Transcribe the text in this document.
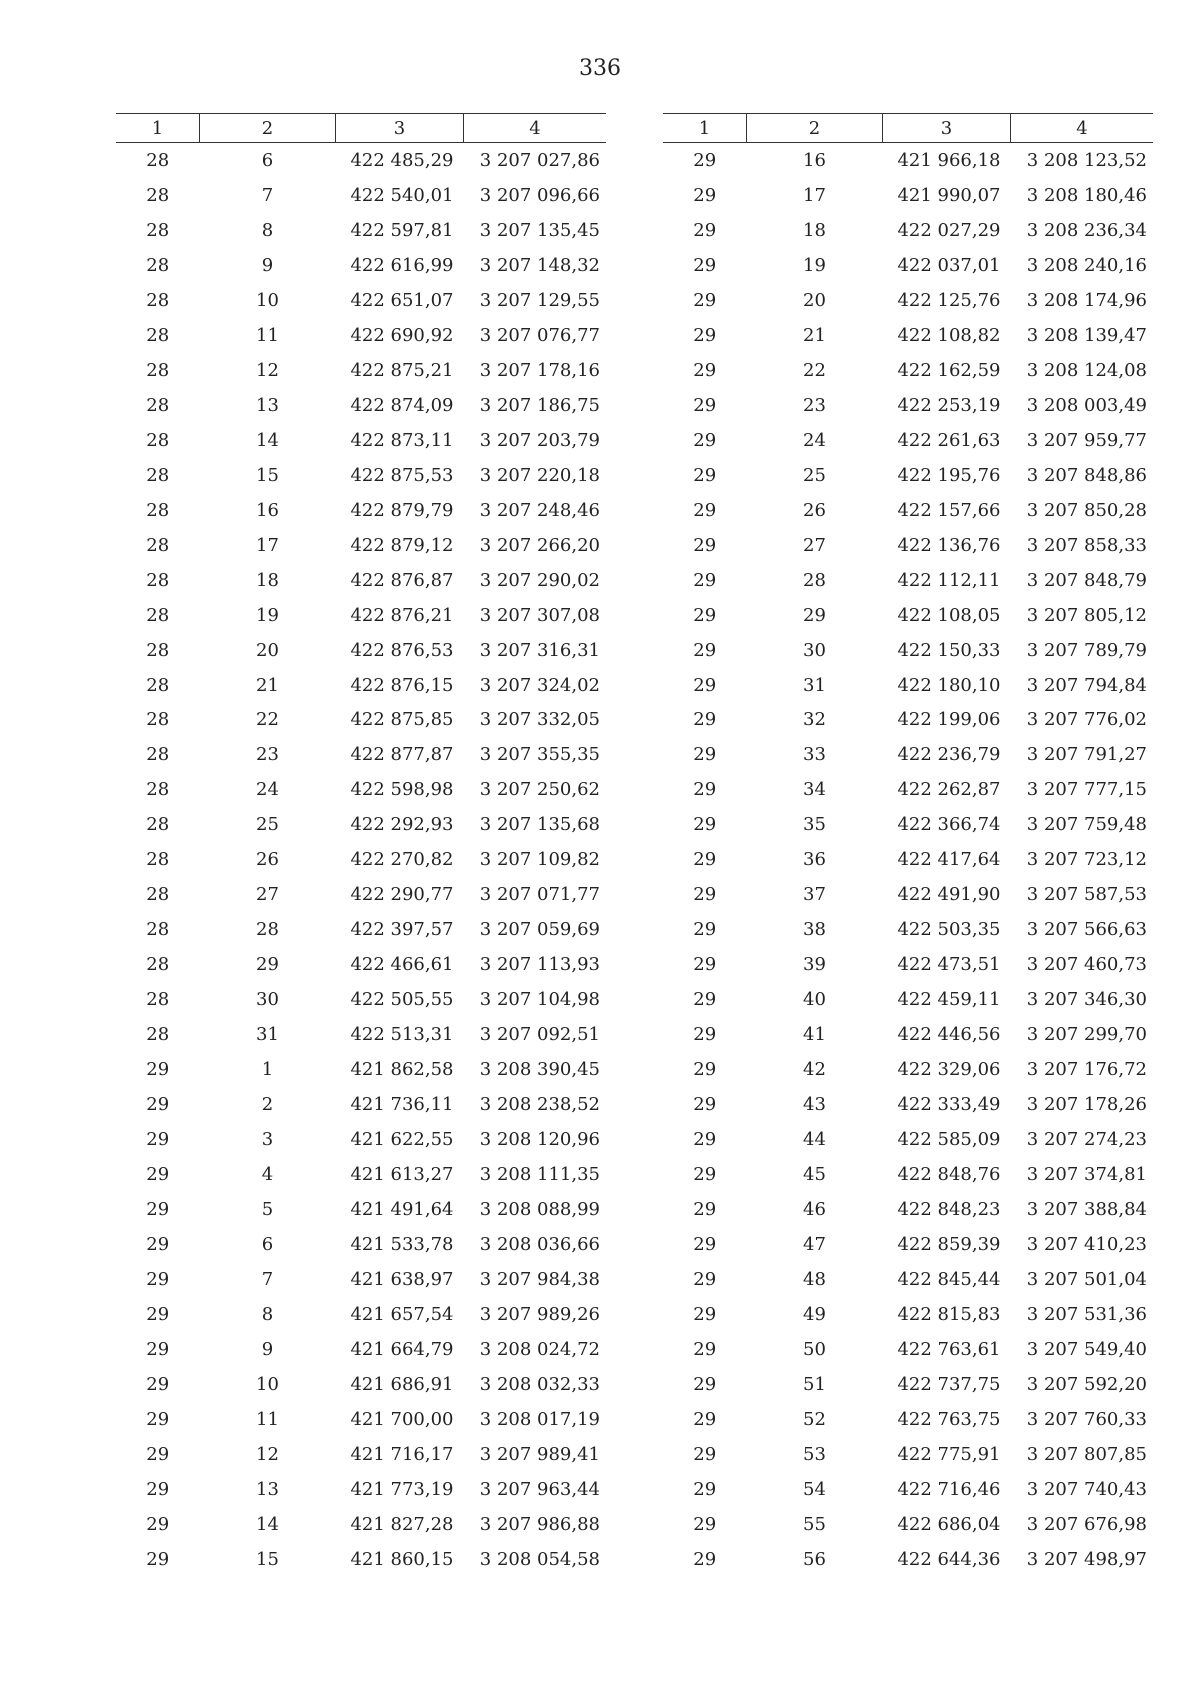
336
1	2	3	4
28	6	422 485,29	3 207 027,86
28	7	422 540,01	3 207 096,66
28	8	422 597,81	3 207 135,45
28	9	422 616,99	3 207 148,32
28	10	422 651,07	3 207 129,55
28	11	422 690,92	3 207 076,77
28	12	422 875,21	3 207 178,16
28	13	422 874,09	3 207 186,75
28	14	422 873,11	3 207 203,79
28	15	422 875,53	3 207 220,18
28	16	422 879,79	3 207 248,46
28	17	422 879,12	3 207 266,20
28	18	422 876,87	3 207 290,02
28	19	422 876,21	3 207 307,08
28	20	422 876,53	3 207 316,31
28	21	422 876,15	3 207 324,02
28	22	422 875,85	3 207 332,05
28	23	422 877,87	3 207 355,35
28	24	422 598,98	3 207 250,62
28	25	422 292,93	3 207 135,68
28	26	422 270,82	3 207 109,82
28	27	422 290,77	3 207 071,77
28	28	422 397,57	3 207 059,69
28	29	422 466,61	3 207 113,93
28	30	422 505,55	3 207 104,98
28	31	422 513,31	3 207 092,51
29	1	421 862,58	3 208 390,45
29	2	421 736,11	3 208 238,52
29	3	421 622,55	3 208 120,96
29	4	421 613,27	3 208 111,35
29	5	421 491,64	3 208 088,99
29	6	421 533,78	3 208 036,66
29	7	421 638,97	3 207 984,38
29	8	421 657,54	3 207 989,26
29	9	421 664,79	3 208 024,72
29	10	421 686,91	3 208 032,33
29	11	421 700,00	3 208 017,19
29	12	421 716,17	3 207 989,41
29	13	421 773,19	3 207 963,44
29	14	421 827,28	3 207 986,88
29	15	421 860,15	3 208 054,58
1	2	3	4
29	16	421 966,18	3 208 123,52
29	17	421 990,07	3 208 180,46
29	18	422 027,29	3 208 236,34
29	19	422 037,01	3 208 240,16
29	20	422 125,76	3 208 174,96
29	21	422 108,82	3 208 139,47
29	22	422 162,59	3 208 124,08
29	23	422 253,19	3 208 003,49
29	24	422 261,63	3 207 959,77
29	25	422 195,76	3 207 848,86
29	26	422 157,66	3 207 850,28
29	27	422 136,76	3 207 858,33
29	28	422 112,11	3 207 848,79
29	29	422 108,05	3 207 805,12
29	30	422 150,33	3 207 789,79
29	31	422 180,10	3 207 794,84
29	32	422 199,06	3 207 776,02
29	33	422 236,79	3 207 791,27
29	34	422 262,87	3 207 777,15
29	35	422 366,74	3 207 759,48
29	36	422 417,64	3 207 723,12
29	37	422 491,90	3 207 587,53
29	38	422 503,35	3 207 566,63
29	39	422 473,51	3 207 460,73
29	40	422 459,11	3 207 346,30
29	41	422 446,56	3 207 299,70
29	42	422 329,06	3 207 176,72
29	43	422 333,49	3 207 178,26
29	44	422 585,09	3 207 274,23
29	45	422 848,76	3 207 374,81
29	46	422 848,23	3 207 388,84
29	47	422 859,39	3 207 410,23
29	48	422 845,44	3 207 501,04
29	49	422 815,83	3 207 531,36
29	50	422 763,61	3 207 549,40
29	51	422 737,75	3 207 592,20
29	52	422 763,75	3 207 760,33
29	53	422 775,91	3 207 807,85
29	54	422 716,46	3 207 740,43
29	55	422 686,04	3 207 676,98
29	56	422 644,36	3 207 498,97
